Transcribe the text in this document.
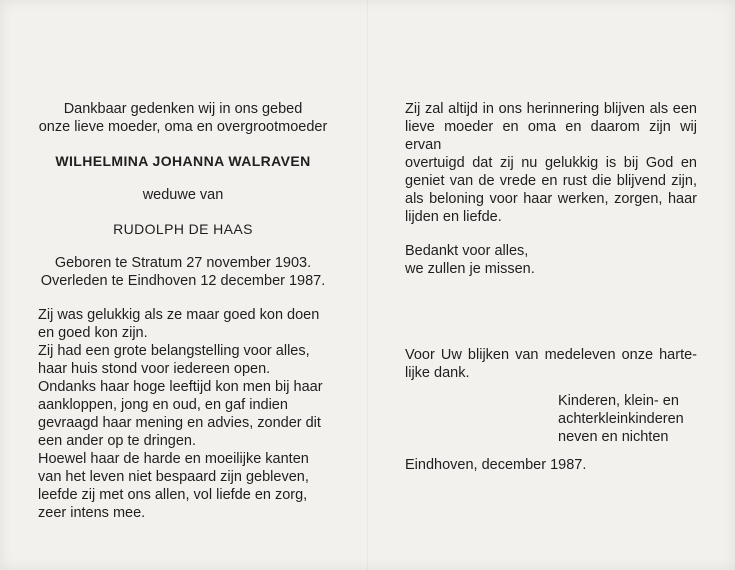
Dankbaar gedenken wij in ons gebed
onze lieve moeder, oma en overgrootmoeder
WILHELMINA JOHANNA WALRAVEN
weduwe van
RUDOLPH DE HAAS
Geboren te Stratum 27 november 1903.
Overleden te Eindhoven 12 december 1987.

Zij was gelukkig als ze maar goed kon doen

en goed kon zijn.

Zij had een grote belangstelling voor alles,

haar huis stond voor iedereen open.

Ondanks haar hoge leeftijd kon men bij haar

aankloppen, jong en oud, en gaf indien

gevraagd haar mening en advies, zonder dit

een ander op te dringen.

Hoewel haar de harde en moeilijke kanten

van het leven niet bespaard zijn gebleven,

leefde zij met ons allen, vol liefde en zorg,

zeer intens mee.

Zij zal altijd in ons herinnering blijven als een

lieve moeder en oma en daarom zijn wij ervan

overtuigd dat zij nu gelukkig is bij God en

geniet van de vrede en rust die blijvend zijn,

als beloning voor haar werken, zorgen, haar

lijden en liefde.

Bedankt voor alles,

we zullen je missen.

Voor Uw blijken van medeleven onze harte-

lijke dank.

Kinderen, klein- en
achterkleinkinderen
neven en nichten
Eindhoven, december 1987.
